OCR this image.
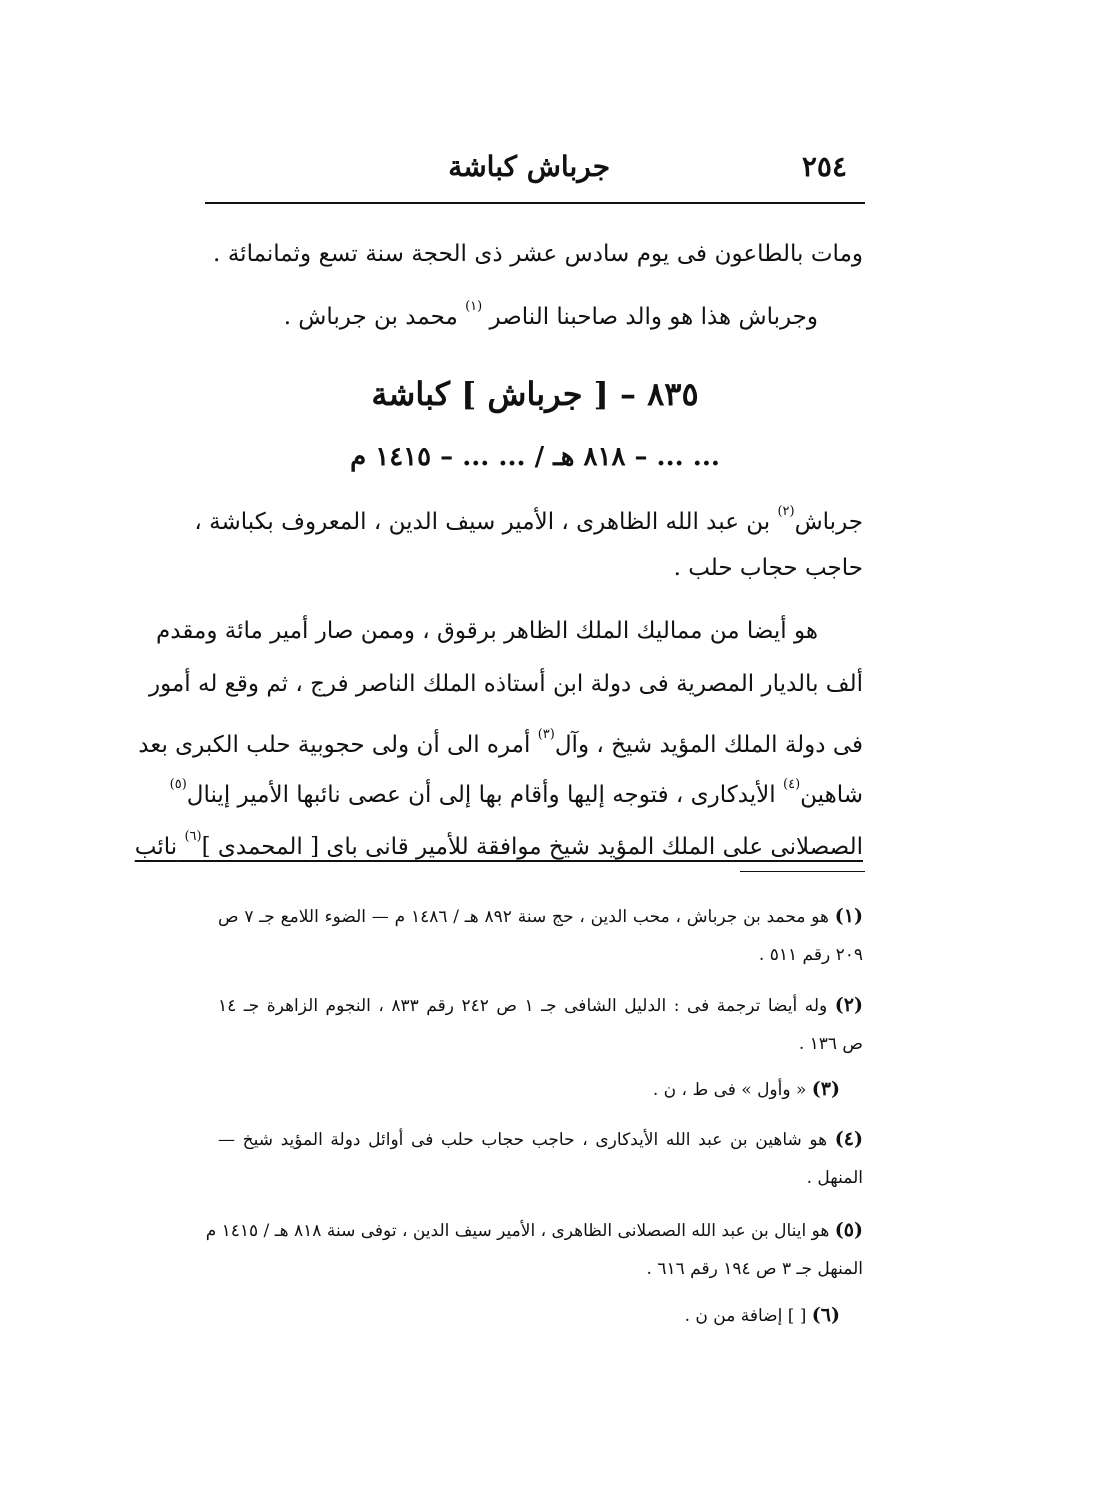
٢٥٤
جرباش كباشة
ومات بالطاعون فى يوم سادس عشر ذى الحجة سنة تسع وثمانمائة .
وجرباش هذا هو والد صاحبنا الناصر $^{(١)}$ محمد بن جرباش .
٨٣٥ – [ جرباش ] كباشة
... ... – ٨١٨ هـ / ... ... – ١٤١٥ م
جرباش$^{(٢)}$ بن عبد الله الظاهرى ، الأمير سيف الدين ، المعروف بكباشة ،
حاجب حجاب حلب .
هو أيضا من مماليك الملك الظاهر برقوق ، وممن صار أمير مائة ومقدم
ألف بالديار المصرية فى دولة ابن أستاذه الملك الناصر فرج ، ثم وقع له أمور
فى دولة الملك المؤيد شيخ ، وآل$^{(٣)}$ أمره الى أن ولى حجوبية حلب الكبرى بعد
شاهين$^{(٤)}$ الأيدكارى ، فتوجه إليها وأقام بها إلى أن عصى نائبها الأمير إينال$^{(٥)}$
الصصلانى على الملك المؤيد شيخ موافقة للأمير قانى باى [ المحمدى ]$^{(٦)}$ نائب
(١) هو محمد بن جرباش ، محب الدين ، حج سنة ٨٩٢ هـ / ١٤٨٦ م — الضوء اللامع جـ ٧ ص
٢٠٩ رقم ٥١١ .
(٢) وله أيضا ترجمة فى : الدليل الشافى جـ ١ ص ٢٤٢ رقم ٨٣٣ ، النجوم الزاهرة جـ ١٤
ص ١٣٦ .
(٣) « وأول » فى ط ، ن .
(٤) هو شاهين بن عبد الله الأيدكارى ، حاجب حجاب حلب فى أوائل دولة المؤيد شيخ —
المنهل .
(٥) هو اينال بن عبد الله الصصلانى الظاهرى ، الأمير سيف الدين ، توفى سنة ٨١٨ هـ / ١٤١٥ م
المنهل جـ ٣ ص ١٩٤ رقم ٦١٦ .
(٦) [ ] إضافة من ن .
